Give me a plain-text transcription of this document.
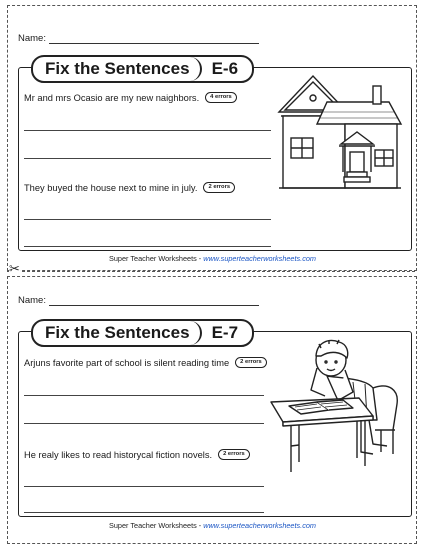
✂
Name:
Fix the Sentences	E-6
Mr and mrs Ocasio are my new naighbors.	4 errors
They buyed the house next to mine in july.	2 errors
Super Teacher Worksheets - www.superteacherworksheets.com
Name:
Fix the Sentences	E-7
Arjuns favorite part of school is silent reading time	2 errors
He realy likes to read historycal fiction novels.	2 errors
Super Teacher Worksheets - www.superteacherworksheets.com
